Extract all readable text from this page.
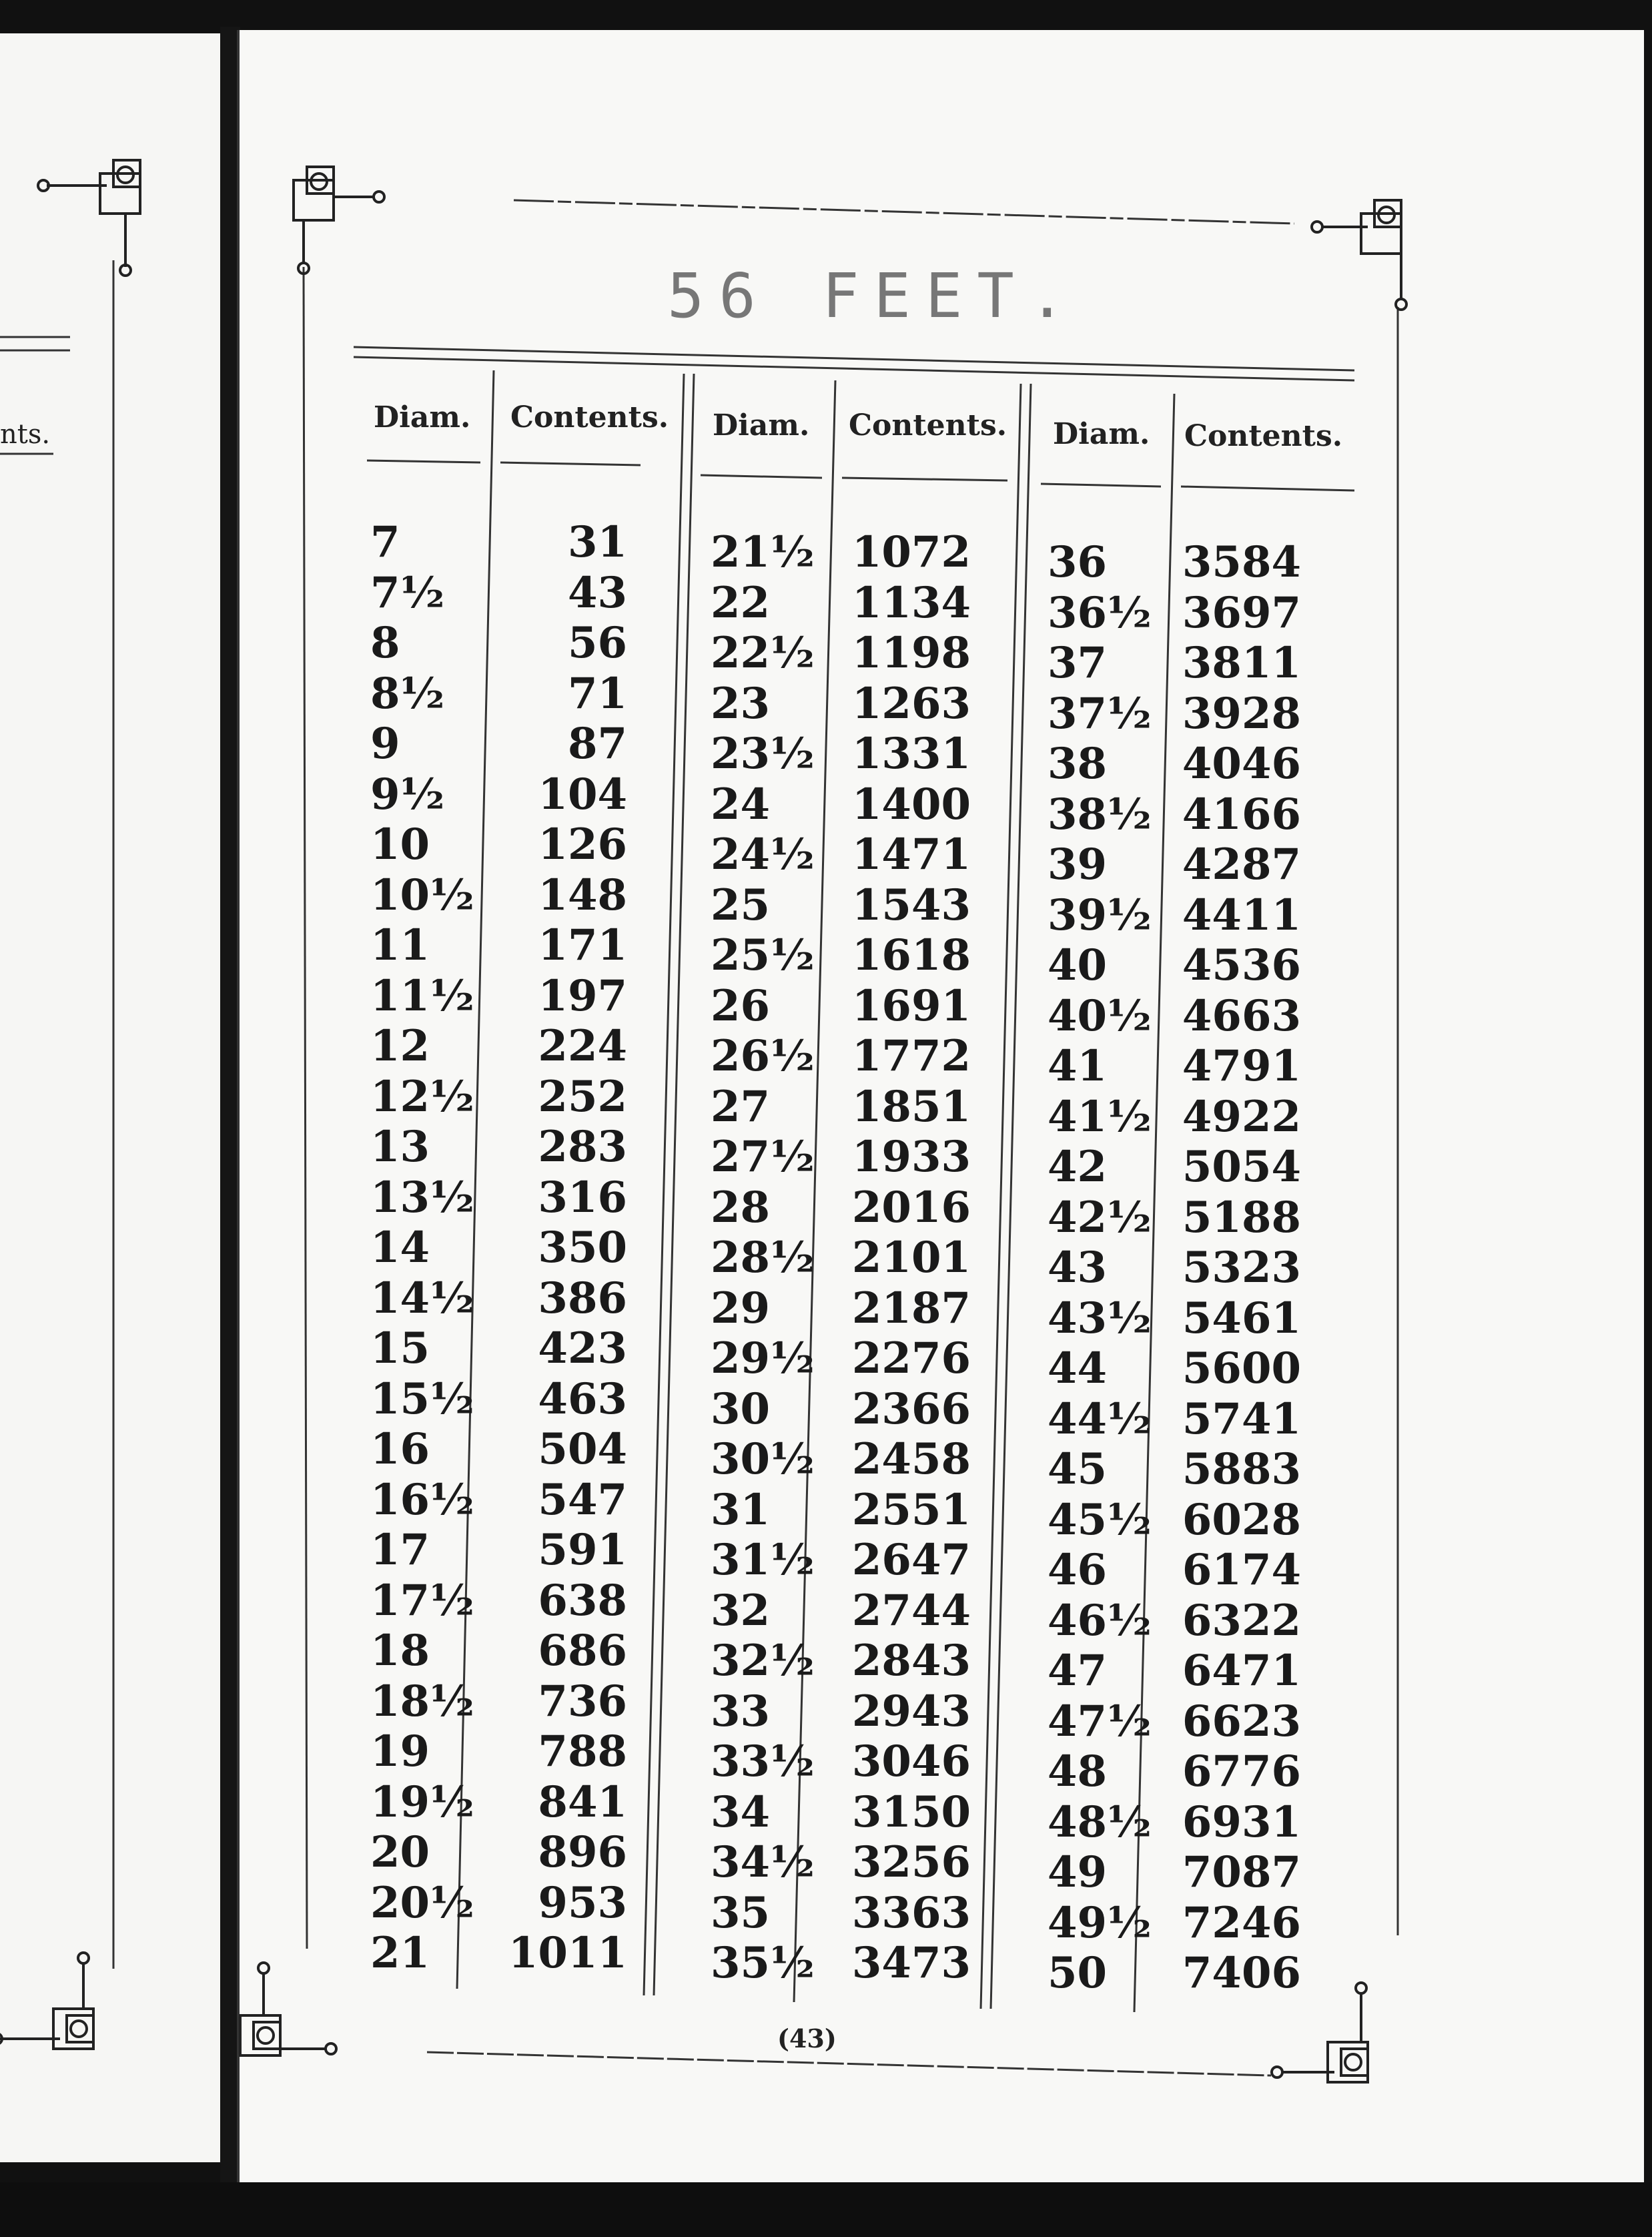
nts.
56 FEET.
Diam. Contents. Diam. Contents. Diam. Contents.
7
7½
8
8½
9
9½
10
10½
11
11½
12
12½
13
13½
14
14½
15
15½
16
16½
17
17½
18
18½
19
19½
20
20½
21
31
43
56
71
87
104
126
148
171
197
224
252
283
316
350
386
423
463
504
547
591
638
686
736
788
841
896
953
1011
21½
22
22½
23
23½
24
24½
25
25½
26
26½
27
27½
28
28½
29
29½
30
30½
31
31½
32
32½
33
33½
34
34½
35
35½
1072
1134
1198
1263
1331
1400
1471
1543
1618
1691
1772
1851
1933
2016
2101
2187
2276
2366
2458
2551
2647
2744
2843
2943
3046
3150
3256
3363
3473
36
36½
37
37½
38
38½
39
39½
40
40½
41
41½
42
42½
43
43½
44
44½
45
45½
46
46½
47
47½
48
48½
49
49½
50
3584
3697
3811
3928
4046
4166
4287
4411
4536
4663
4791
4922
5054
5188
5323
5461
5600
5741
5883
6028
6174
6322
6471
6623
6776
6931
7087
7246
7406
(43)
